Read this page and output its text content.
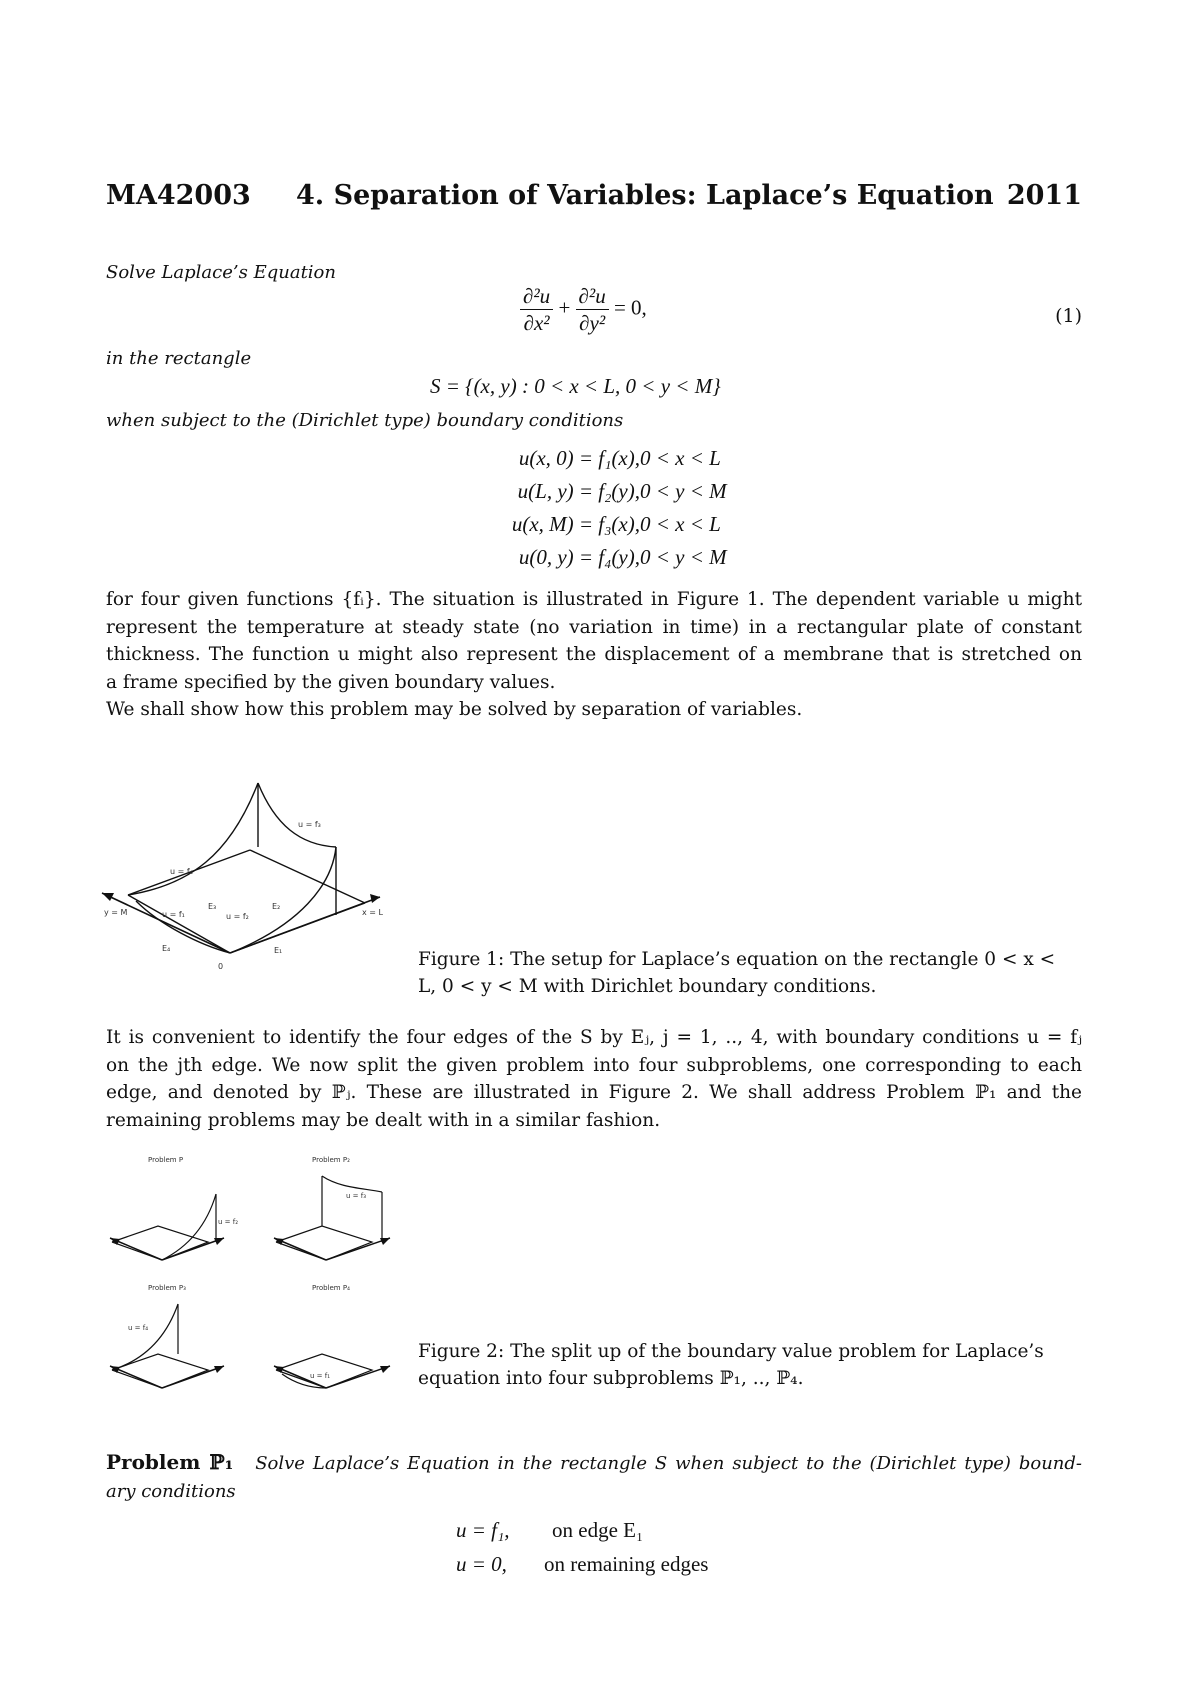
MA42003 4. Separation of Variables: Laplace’s Equation 2011
Solve Laplace’s Equation
$\frac{\text{∂²u}}{\text{∂x²}} + \frac{\text{∂²u}}{\text{∂y²}} = 0$,	(1)
in the rectangle
S = {(x, y) : 0 < x < L, 0 < y < M}
when subject to the (Dirichlet type) boundary conditions
u(x, 0) = f₁(x), 0 < x < L
u(L, y) = f₂(y), 0 < y < M
u(x, M) = f₃(x), 0 < x < L
u(0, y) = f₄(y), 0 < y < M

for four given functions {fᵢ}. The situation is illustrated in Figure 1. The dependent variable u might

represent the temperature at steady state (no variation in time) in a rectangular plate of constant

thickness. The function u might also represent the displacement of a membrane that is stretched on

a frame specified by the given boundary values.

We shall show how this problem may be solved by separation of variables.

u = f₃
u = f₄
u = f₁	u = f₂
E₂
E₃
E₄	E₁
0
x = L
y = M
Figure 1: The setup for Laplace’s equation on the rectangle 0 < x <
L, 0 < y < M with Dirichlet boundary conditions.

It is convenient to identify the four edges of the S by Eⱼ, j = 1, .., 4, with boundary conditions u = fⱼ

on the jth edge. We now split the given problem into four subproblems, one corresponding to each

edge, and denoted by ℙⱼ. These are illustrated in Figure 2. We shall address Problem ℙ₁ and the

remaining problems may be dealt with in a similar fashion.

Problem P	Problem P₂
Problem P₃	Problem P₄
u = f₂
u = f₃
u = f₄
u = f₁
Figure 2: The split up of the boundary value problem for Laplace’s
equation into four subproblems ℙ₁, .., ℙ₄.
Problem ℙ₁ Solve Laplace’s Equation in the rectangle S when subject to the (Dirichlet type) bound-
ary conditions
u = f₁, on edge E₁
u = 0, on remaining edges
